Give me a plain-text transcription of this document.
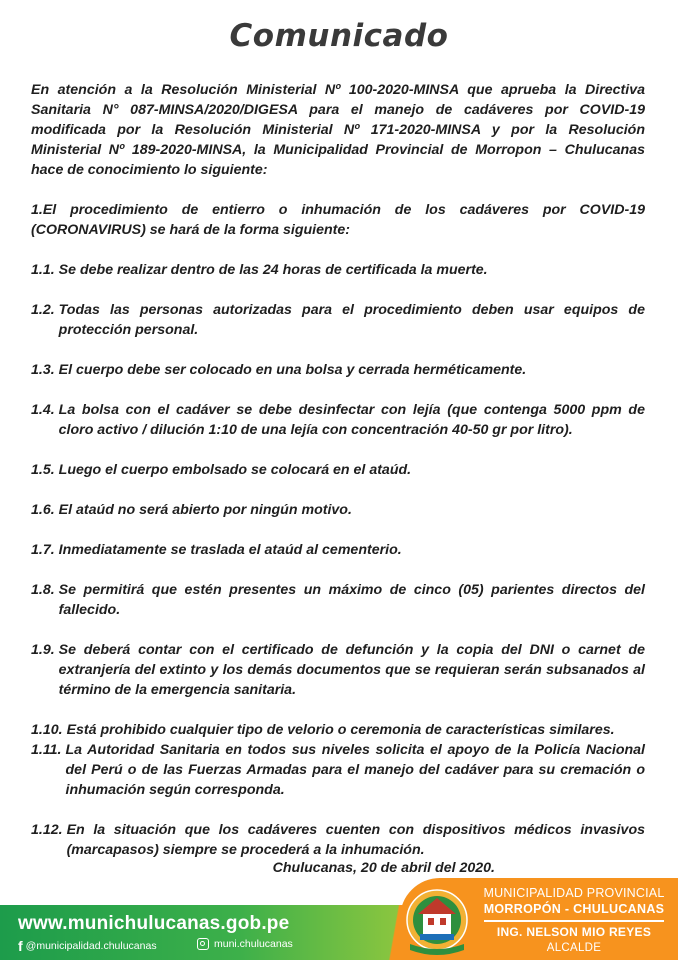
Comunicado

En atención a la Resolución Ministerial Nº 100-2020-MINSA que aprueba la Directiva Sanitaria N° 087-MINSA/2020/DIGESA para el manejo de cadáveres por COVID-19 modificada por la Resolución Ministerial Nº 171-2020-MINSA y por la Resolución Ministerial Nº 189-2020-MINSA, la Municipalidad Provincial de Morropon – Chulucanas hace de conocimiento lo siguiente:

1.El procedimiento de entierro o inhumación de los cadáveres por COVID-19 (CORONAVIRUS) se hará de la forma siguiente:

1.1. Se debe realizar dentro de las 24 horas de certificada la muerte.
1.2. Todas las personas autorizadas para el procedimiento deben usar equipos de protección personal.
1.3. El cuerpo debe ser colocado en una bolsa y cerrada herméticamente.
1.4. La bolsa con el cadáver se debe desinfectar con lejía (que contenga 5000 ppm de cloro activo / dilución 1:10 de una lejía con concentración 40-50 gr por litro).
1.5. Luego el cuerpo embolsado se colocará en el ataúd.
1.6. El ataúd no será abierto por ningún motivo.
1.7. Inmediatamente se traslada el ataúd al cementerio.
1.8. Se permitirá que estén presentes un máximo de cinco (05) parientes directos del fallecido.
1.9. Se deberá contar con el certificado de defunción y la copia del DNI o carnet de extranjería del extinto y los demás documentos que se requieran serán subsanados al término de la emergencia sanitaria.
1.10. Está prohibido cualquier tipo de velorio o ceremonia de características similares.
1.11. La Autoridad Sanitaria en todos sus niveles solicita el apoyo de la Policía Nacional del Perú o de las Fuerzas Armadas para el manejo del cadáver para su cremación o inhumación según corresponda.
1.12. En la situación que los cadáveres cuenten con dispositivos médicos invasivos (marcapasos) siempre se procederá a la inhumación.
Chulucanas, 20 de abril del 2020.
www.munichulucanas.gob.pe
f @municipalidad.chulucanas	muni.chulucanas
MUNICIPALIDAD PROVINCIAL
MORROPÓN - CHULUCANAS
ING. NELSON MIO REYES
ALCALDE
